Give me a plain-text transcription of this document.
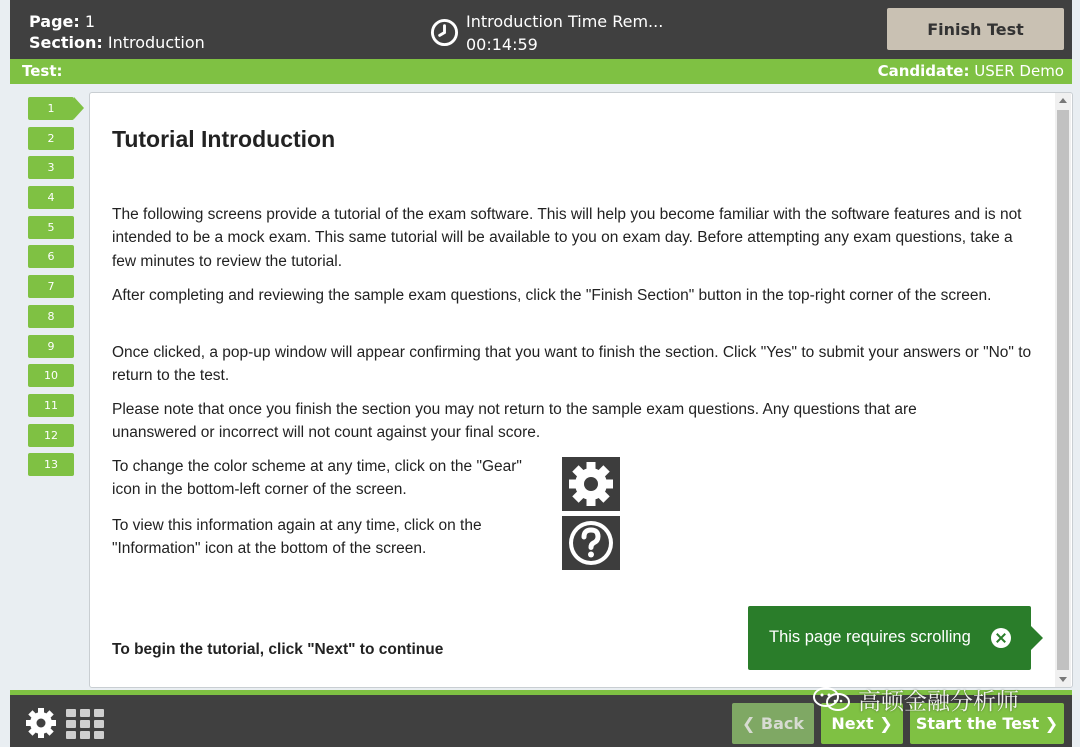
Page: 1
Section: Introduction
Introduction Time Rem...
00:14:59
Finish Test
Test:	Candidate: USER Demo
1
2
3
4
5
6
7
8
9
10
11
12
13
Tutorial Introduction

The following screens provide a tutorial of the exam software. This will help you become familiar with the software features and is not intended to be a mock exam. This same tutorial will be available to you on exam day. Before attempting any exam questions, take a few minutes to review the tutorial.

After completing and reviewing the sample exam questions, click the "Finish Section" button in the top-right corner of the screen.

Once clicked, a pop-up window will appear confirming that you want to finish the section. Click "Yes" to submit your answers or "No" to return to the test.

Please note that once you finish the section you may not return to the sample exam questions. Any questions that are unanswered or incorrect will not count against your final score.

To change the color scheme at any time, click on the "Gear" icon in the bottom-left corner of the screen.

To view this information again at any time, click on the "Information" icon at the bottom of the screen.

To begin the tutorial, click "Next" to continue

This page requires scrolling
❮ Back	Next ❯	Start the Test ❯
高顿金融分析师
